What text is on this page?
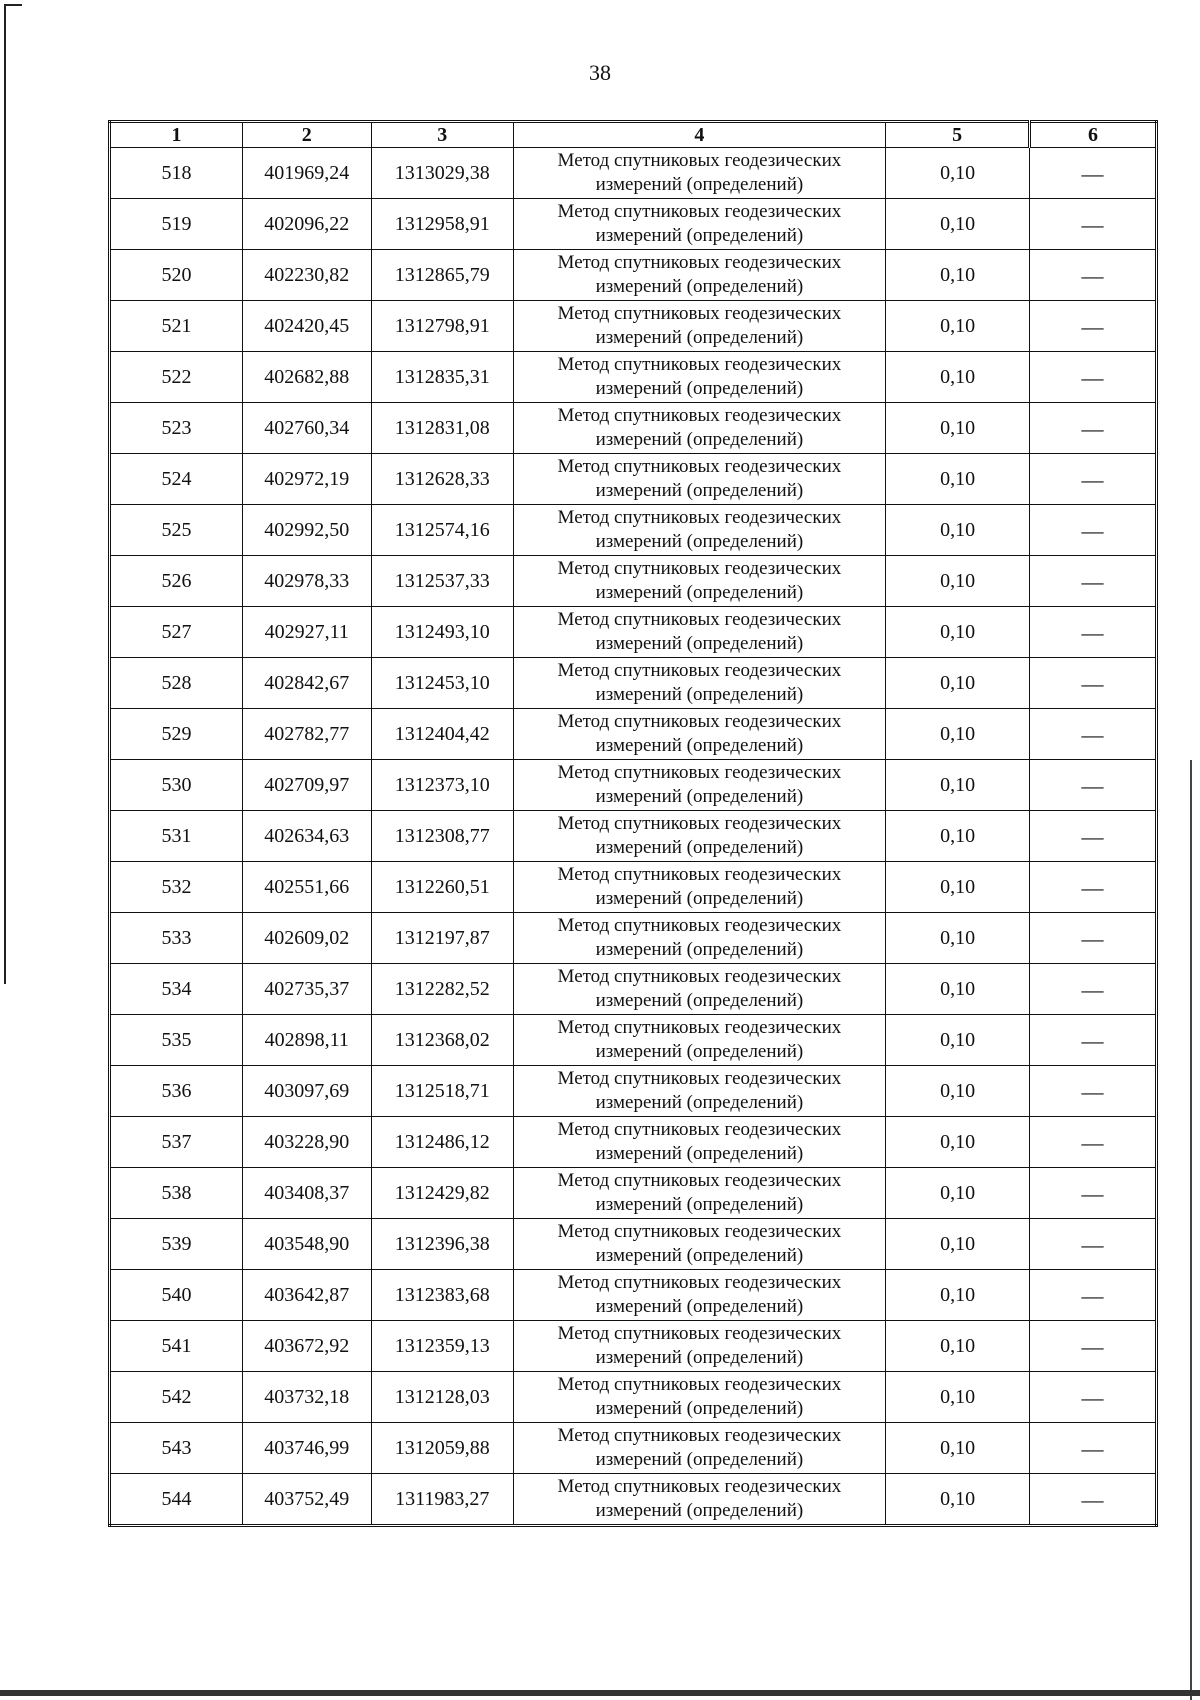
38

1	2	3	4	5	6
518	401969,24	1313029,38	Метод спутниковых геодезических измерений (определений)	0,10	—
519	402096,22	1312958,91	Метод спутниковых геодезических измерений (определений)	0,10	—
520	402230,82	1312865,79	Метод спутниковых геодезических измерений (определений)	0,10	—
521	402420,45	1312798,91	Метод спутниковых геодезических измерений (определений)	0,10	—
522	402682,88	1312835,31	Метод спутниковых геодезических измерений (определений)	0,10	—
523	402760,34	1312831,08	Метод спутниковых геодезических измерений (определений)	0,10	—
524	402972,19	1312628,33	Метод спутниковых геодезических измерений (определений)	0,10	—
525	402992,50	1312574,16	Метод спутниковых геодезических измерений (определений)	0,10	—
526	402978,33	1312537,33	Метод спутниковых геодезических измерений (определений)	0,10	—
527	402927,11	1312493,10	Метод спутниковых геодезических измерений (определений)	0,10	—
528	402842,67	1312453,10	Метод спутниковых геодезических измерений (определений)	0,10	—
529	402782,77	1312404,42	Метод спутниковых геодезических измерений (определений)	0,10	—
530	402709,97	1312373,10	Метод спутниковых геодезических измерений (определений)	0,10	—
531	402634,63	1312308,77	Метод спутниковых геодезических измерений (определений)	0,10	—
532	402551,66	1312260,51	Метод спутниковых геодезических измерений (определений)	0,10	—
533	402609,02	1312197,87	Метод спутниковых геодезических измерений (определений)	0,10	—
534	402735,37	1312282,52	Метод спутниковых геодезических измерений (определений)	0,10	—
535	402898,11	1312368,02	Метод спутниковых геодезических измерений (определений)	0,10	—
536	403097,69	1312518,71	Метод спутниковых геодезических измерений (определений)	0,10	—
537	403228,90	1312486,12	Метод спутниковых геодезических измерений (определений)	0,10	—
538	403408,37	1312429,82	Метод спутниковых геодезических измерений (определений)	0,10	—
539	403548,90	1312396,38	Метод спутниковых геодезических измерений (определений)	0,10	—
540	403642,87	1312383,68	Метод спутниковых геодезических измерений (определений)	0,10	—
541	403672,92	1312359,13	Метод спутниковых геодезических измерений (определений)	0,10	—
542	403732,18	1312128,03	Метод спутниковых геодезических измерений (определений)	0,10	—
543	403746,99	1312059,88	Метод спутниковых геодезических измерений (определений)	0,10	—
544	403752,49	1311983,27	Метод спутниковых геодезических измерений (определений)	0,10	—
